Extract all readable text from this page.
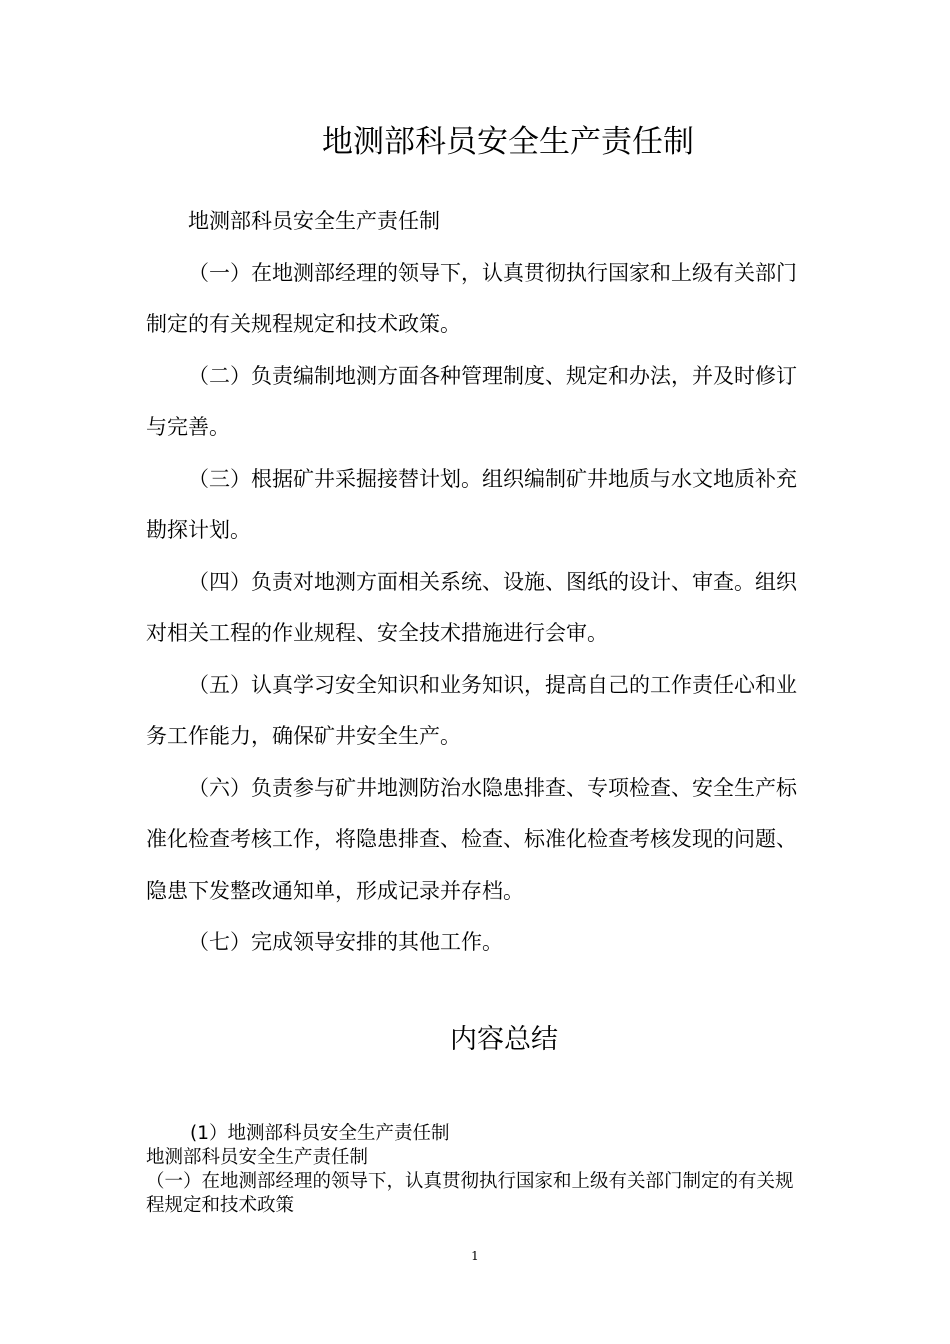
地测部科员安全生产责任制

地测部科员安全生产责任制

（一）在地测部经理的领导下，认真贯彻执行国家和上级有关部门制定的有关规程规定和技术政策。

（二）负责编制地测方面各种管理制度、规定和办法，并及时修订与完善。

（三）根据矿井采掘接替计划。组织编制矿井地质与水文地质补充勘探计划。

（四）负责对地测方面相关系统、设施、图纸的设计、审查。组织对相关工程的作业规程、安全技术措施进行会审。

（五）认真学习安全知识和业务知识，提高自己的工作责任心和业务工作能力，确保矿井安全生产。

（六）负责参与矿井地测防治水隐患排查、专项检查、安全生产标准化检查考核工作，将隐患排查、检查、标准化检查考核发现的问题、隐患下发整改通知单，形成记录并存档。

（七）完成领导安排的其他工作。

内容总结

(1）地测部科员安全生产责任制

地测部科员安全生产责任制

（一）在地测部经理的领导下，认真贯彻执行国家和上级有关部门制定的有关规程规定和技术政策

1
